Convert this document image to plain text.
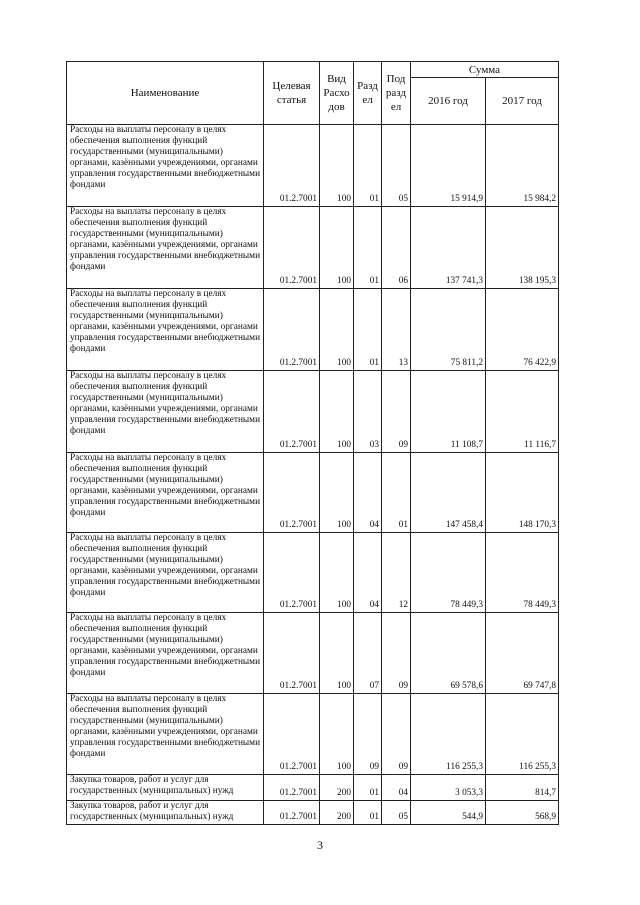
Наименование	Целевая статья	Вид Расхо дов	Разд ел	Под разд ел	Сумма	
					2016 год	2017 год
Расходы на выплаты персоналу в целях обеспечения выполнения функций государственными (муниципальными) органами, казёнными учреждениями, органами управления государственными внебюджетными фондами	01.2.7001	100	01	05	15 914,9	15 984,2
Расходы на выплаты персоналу в целях обеспечения выполнения функций государственными (муниципальными) органами, казёнными учреждениями, органами управления государственными внебюджетными фондами	01.2.7001	100	01	06	137 741,3	138 195,3
Расходы на выплаты персоналу в целях обеспечения выполнения функций государственными (муниципальными) органами, казёнными учреждениями, органами управления государственными внебюджетными фондами	01.2.7001	100	01	13	75 811,2	76 422,9
Расходы на выплаты персоналу в целях обеспечения выполнения функций государственными (муниципальными) органами, казёнными учреждениями, органами управления государственными внебюджетными фондами	01.2.7001	100	03	09	11 108,7	11 116,7
Расходы на выплаты персоналу в целях обеспечения выполнения функций государственными (муниципальными) органами, казёнными учреждениями, органами управления государственными внебюджетными фондами	01.2.7001	100	04	01	147 458,4	148 170,3
Расходы на выплаты персоналу в целях обеспечения выполнения функций государственными (муниципальными) органами, казёнными учреждениями, органами управления государственными внебюджетными фондами	01.2.7001	100	04	12	78 449,3	78 449,3
Расходы на выплаты персоналу в целях обеспечения выполнения функций государственными (муниципальными) органами, казёнными учреждениями, органами управления государственными внебюджетными фондами	01.2.7001	100	07	09	69 578,6	69 747,8
Расходы на выплаты персоналу в целях обеспечения выполнения функций государственными (муниципальными) органами, казёнными учреждениями, органами управления государственными внебюджетными фондами	01.2.7001	100	09	09	116 255,3	116 255,3
Закупка товаров, работ и услуг для государственных (муниципальных) нужд	01.2.7001	200	01	04	3 053,3	814,7
Закупка товаров, работ и услуг для государственных (муниципальных) нужд	01.2.7001	200	01	05	544,9	568,9
3
